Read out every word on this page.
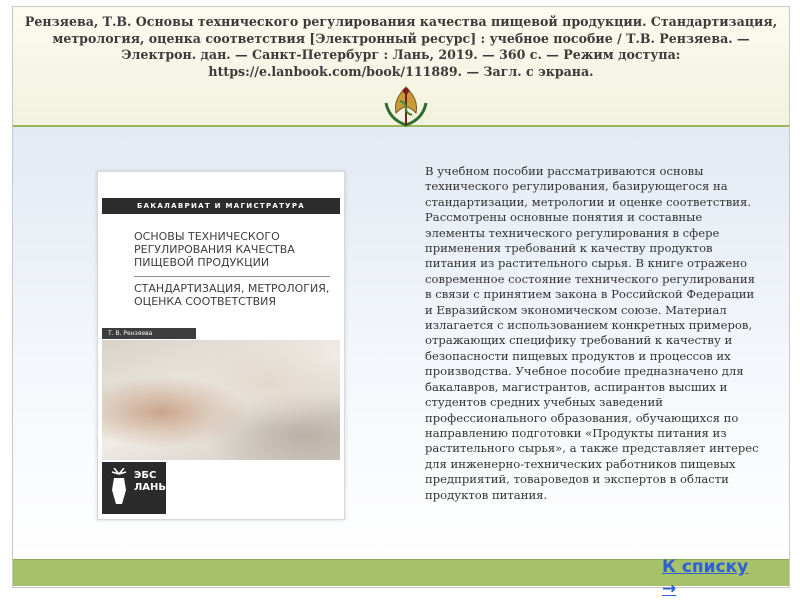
Рензяева, Т.В. Основы технического регулирования качества пищевой продукции. Стандартизация, метрология, оценка соответствия [Электронный ресурс] : учебное пособие / Т.В. Рензяева. — Электрон. дан. — Санкт-Петербург : Лань, 2019. — 360 с. — Режим доступа: https://e.lanbook.com/book/111889. — Загл. с экрана.
БАКАЛАВРИАТ И МАГИСТРАТУРА
ОСНОВЫ ТЕХНИЧЕСКОГО РЕГУЛИРОВАНИЯ КАЧЕСТВА ПИЩЕВОЙ ПРОДУКЦИИ
СТАНДАРТИЗАЦИЯ, МЕТРОЛОГИЯ, ОЦЕНКА СООТВЕТСТВИЯ
Т. В. Рензяева
ЭБС ЛАНЬ
В учебном пособии рассматриваются основы технического регулирования, базирующегося на стандартизации, метрологии и оценке соответствия. Рассмотрены основные понятия и составные элементы технического регулирования в сфере применения требований к качеству продуктов питания из растительного сырья. В книге отражено современное состояние технического регулирования в связи с принятием закона в Российской Федерации и Евразийском экономическом союзе. Материал излагается с использованием конкретных примеров, отражающих специфику требований к качеству и безопасности пищевых продуктов и процессов их производства. Учебное пособие предназначено для бакалавров, магистрантов, аспирантов высших и студентов средних учебных заведений профессионального образования, обучающихся по направлению подготовки «Продукты питания из растительного сырья», а также представляет интерес для инженерно-технических работников пищевых предприятий, товароведов и экспертов в области продуктов питания.
К списку →
